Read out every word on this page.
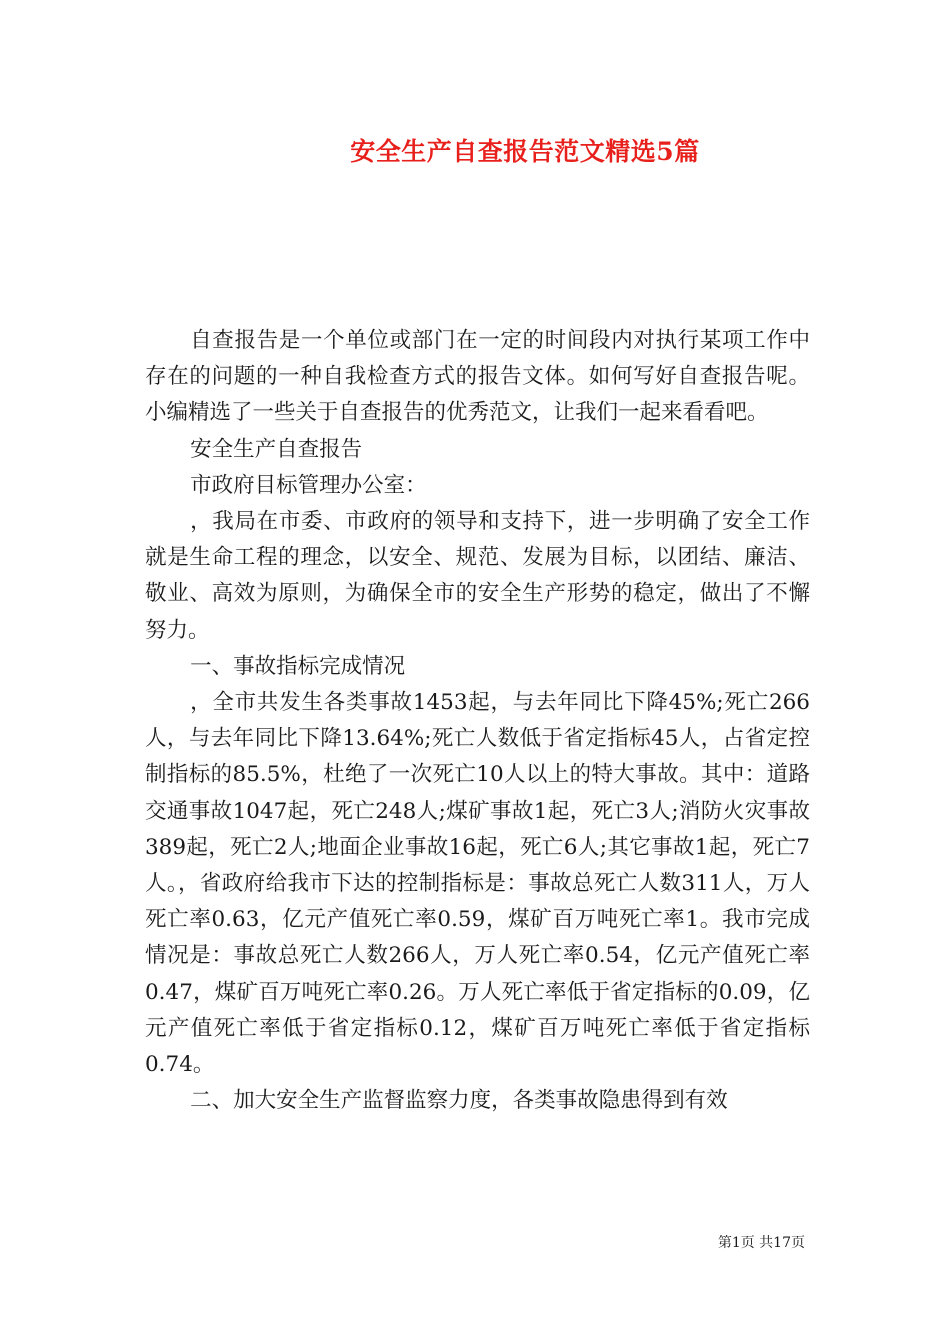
安全生产自查报告范文精选5篇

自查报告是一个单位或部门在一定的时间段内对执行某项工作中存在的问题的一种自我检查方式的报告文体。如何写好自查报告呢。小编精选了一些关于自查报告的优秀范文，让我们一起来看看吧。

安全生产自查报告

市政府目标管理办公室：

，我局在市委、市政府的领导和支持下，进一步明确了安全工作就是生命工程的理念，以安全、规范、发展为目标，以团结、廉洁、敬业、高效为原则，为确保全市的安全生产形势的稳定，做出了不懈努力。

一、事故指标完成情况

，全市共发生各类事故1453起，与去年同比下降45%;死亡266人，与去年同比下降13.64%;死亡人数低于省定指标45人，占省定控制指标的85.5%，杜绝了一次死亡10人以上的特大事故。其中：道路交通事故1047起，死亡248人;煤矿事故1起，死亡3人;消防火灾事故389起，死亡2人;地面企业事故16起，死亡6人;其它事故1起，死亡7人。，省政府给我市下达的控制指标是：事故总死亡人数311人，万人死亡率0.63，亿元产值死亡率0.59，煤矿百万吨死亡率1。我市完成情况是：事故总死亡人数266人，万人死亡率0.54，亿元产值死亡率0.47，煤矿百万吨死亡率0.26。万人死亡率低于省定指标的0.09，亿元产值死亡率低于省定指标0.12，煤矿百万吨死亡率低于省定指标0.74。

二、加大安全生产监督监察力度，各类事故隐患得到有效

第1页 共17页
